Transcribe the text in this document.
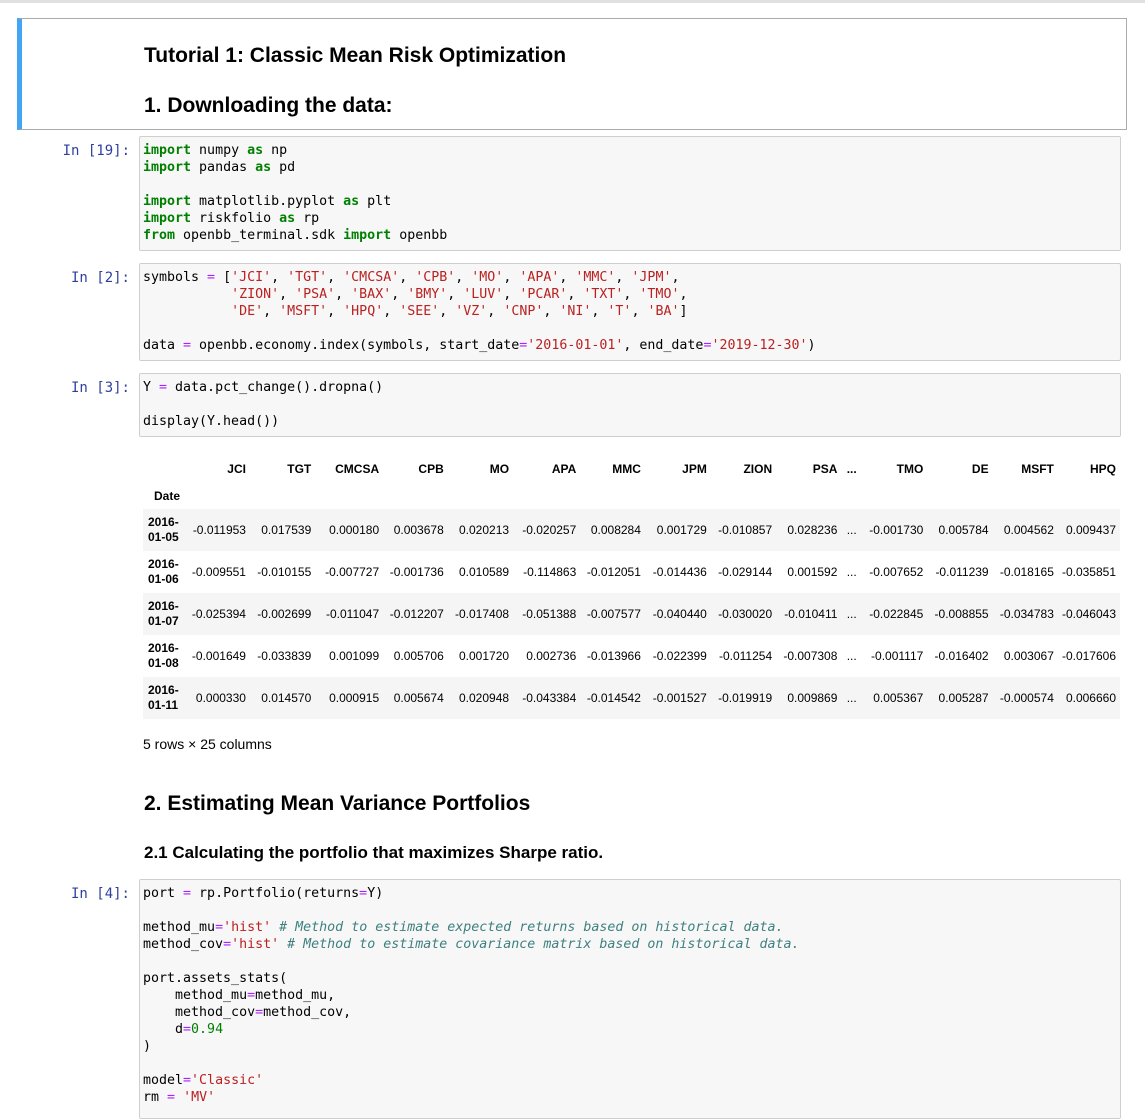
Tutorial 1: Classic Mean Risk Optimization
1. Downloading the data:
In [19]: import numpy as np
import pandas as pd

import matplotlib.pyplot as plt
import riskfolio as rp
from openbb_terminal.sdk import openbb
In [2]: symbols = ['JCI', 'TGT', 'CMCSA', 'CPB', 'MO', 'APA', 'MMC', 'JPM',
'ZION', 'PSA', 'BAX', 'BMY', 'LUV', 'PCAR', 'TXT', 'TMO',
'DE', 'MSFT', 'HPQ', 'SEE', 'VZ', 'CNP', 'NI', 'T', 'BA']

data = openbb.economy.index(symbols, start_date='2016-01-01', end_date='2019-12-30')
In [3]: Y = data.pct_change().dropna()

display(Y.head())
	JCI	TGT	CMCSA	CPB	MO	APA	MMC	JPM	ZION	PSA	...	TMO	DE	MSFT	HPQ
Date															
2016-
01-05	-0.011953	0.017539	0.000180	0.003678	0.020213	-0.020257	0.008284	0.001729	-0.010857	0.028236	...	-0.001730	0.005784	0.004562	0.009437
2016-
01-06	-0.009551	-0.010155	-0.007727	-0.001736	0.010589	-0.114863	-0.012051	-0.014436	-0.029144	0.001592	...	-0.007652	-0.011239	-0.018165	-0.035851
2016-
01-07	-0.025394	-0.002699	-0.011047	-0.012207	-0.017408	-0.051388	-0.007577	-0.040440	-0.030020	-0.010411	...	-0.022845	-0.008855	-0.034783	-0.046043
2016-
01-08	-0.001649	-0.033839	0.001099	0.005706	0.001720	0.002736	-0.013966	-0.022399	-0.011254	-0.007308	...	-0.001117	-0.016402	0.003067	-0.017606
2016-
01-11	0.000330	0.014570	0.000915	0.005674	0.020948	-0.043384	-0.014542	-0.001527	-0.019919	0.009869	...	0.005367	0.005287	-0.000574	0.006660
5 rows × 25 columns
2. Estimating Mean Variance Portfolios
2.1 Calculating the portfolio that maximizes Sharpe ratio.
In [4]: port = rp.Portfolio(returns=Y)

method_mu='hist' # Method to estimate expected returns based on historical data.
method_cov='hist' # Method to estimate covariance matrix based on historical data.

port.assets_stats(
method_mu=method_mu,
method_cov=method_cov,
d=0.94
)

model='Classic'
rm = 'MV'
